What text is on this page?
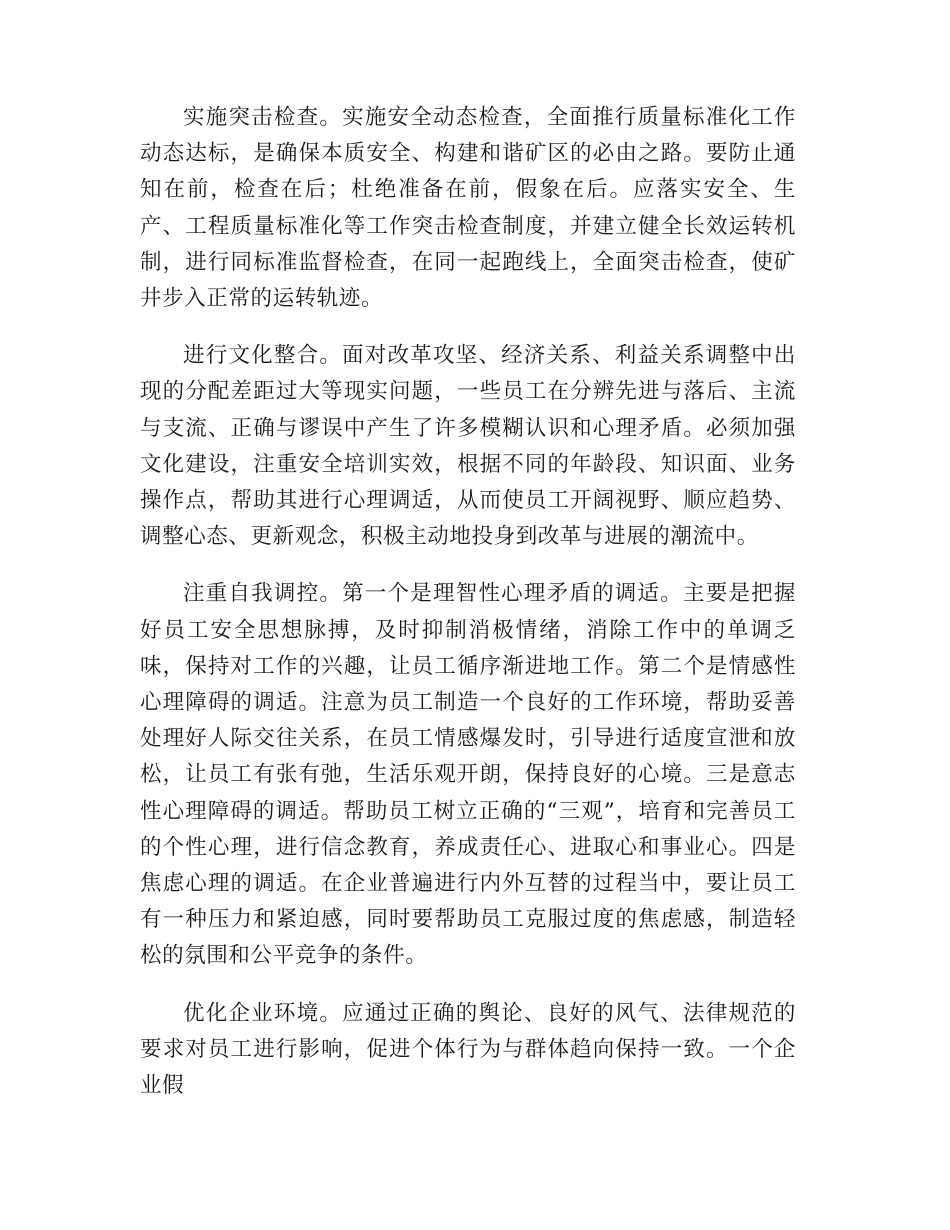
实施突击检查。实施安全动态检查，全面推行质量标准化工作动态达标，是确保本质安全、构建和谐矿区的必由之路。要防止通知在前，检查在后；杜绝准备在前，假象在后。应落实安全、生产、工程质量标准化等工作突击检查制度，并建立健全长效运转机制，进行同标准监督检查，在同一起跑线上，全面突击检查，使矿井步入正常的运转轨迹。

进行文化整合。面对改革攻坚、经济关系、利益关系调整中出现的分配差距过大等现实问题，一些员工在分辨先进与落后、主流与支流、正确与谬误中产生了许多模糊认识和心理矛盾。必须加强文化建设，注重安全培训实效，根据不同的年龄段、知识面、业务操作点，帮助其进行心理调适，从而使员工开阔视野、顺应趋势、调整心态、更新观念，积极主动地投身到改革与进展的潮流中。

注重自我调控。第一个是理智性心理矛盾的调适。主要是把握好员工安全思想脉搏，及时抑制消极情绪，消除工作中的单调乏味，保持对工作的兴趣，让员工循序渐进地工作。第二个是情感性心理障碍的调适。注意为员工制造一个良好的工作环境，帮助妥善处理好人际交往关系，在员工情感爆发时，引导进行适度宣泄和放松，让员工有张有弛，生活乐观开朗，保持良好的心境。三是意志性心理障碍的调适。帮助员工树立正确的“三观”，培育和完善员工的个性心理，进行信念教育，养成责任心、进取心和事业心。四是焦虑心理的调适。在企业普遍进行内外互替的过程当中，要让员工有一种压力和紧迫感，同时要帮助员工克服过度的焦虑感，制造轻松的氛围和公平竞争的条件。

优化企业环境。应通过正确的舆论、良好的风气、法律规范的要求对员工进行影响，促进个体行为与群体趋向保持一致。一个企业假
